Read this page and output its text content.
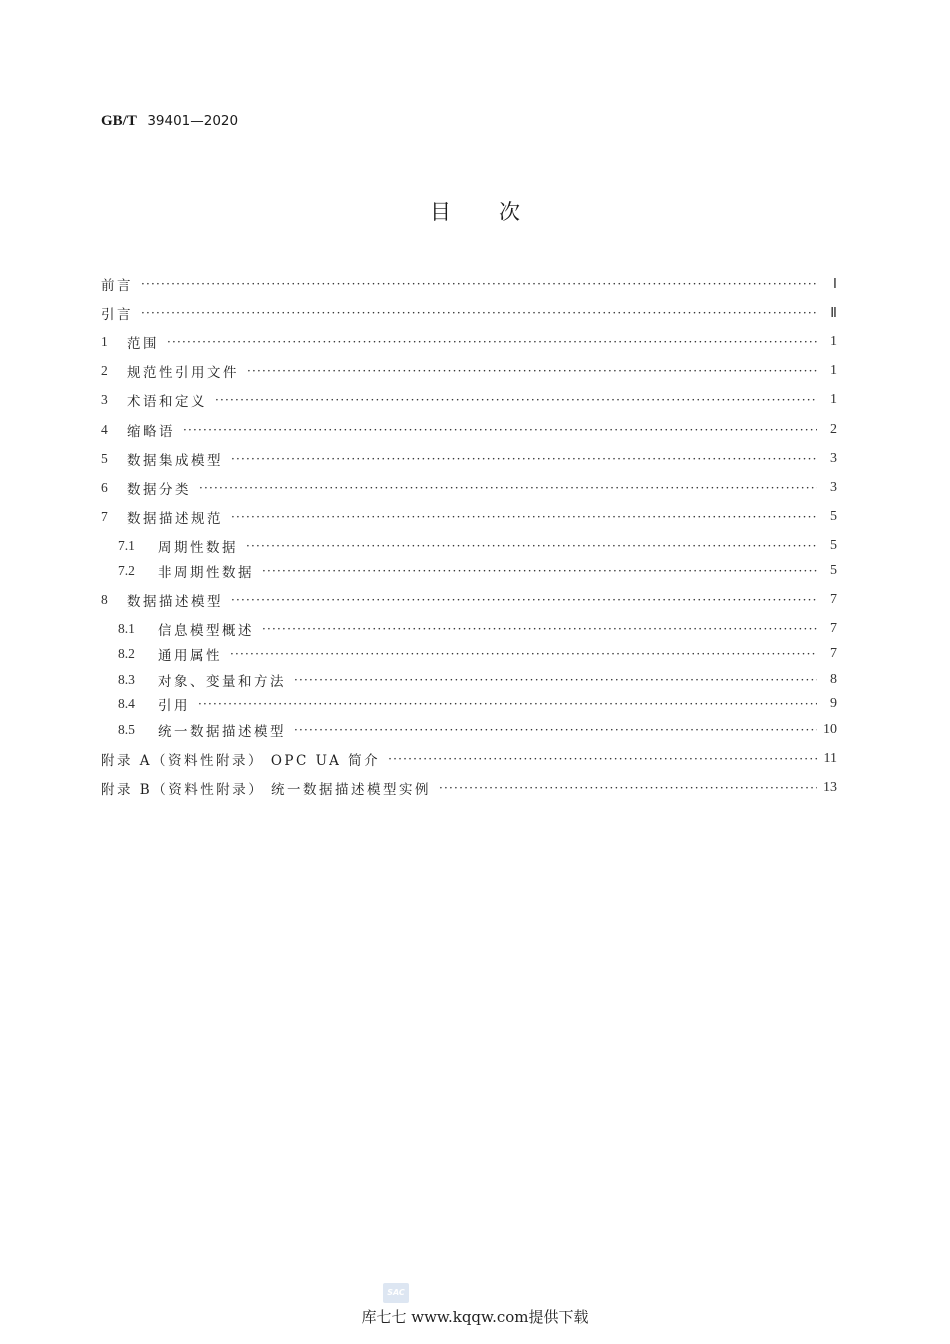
GB/T 39401—2020
目 次
前言 ·····	Ⅰ
引言 ·····	Ⅱ
1	范围 ·····	1
2	规范性引用文件 ·····	1
3	术语和定义 ·····	1
4	缩略语 ·····	2
5	数据集成模型 ·····	3
6	数据分类 ·····	3
7	数据描述规范 ·····	5
7.1	周期性数据 ·····	5
7.2	非周期性数据 ·····	5
8	数据描述模型 ·····	7
8.1	信息模型概述 ·····	7
8.2	通用属性 ·····	7
8.3	对象、变量和方法 ·····	8
8.4	引用 ·····	9
8.5	统一数据描述模型 ·····	10
附录 A（资料性附录） OPC UA 简介 ·····	11
附录 B（资料性附录） 统一数据描述模型实例 ·····	13
SAC
库七七 www.kqqw.com提供下载
